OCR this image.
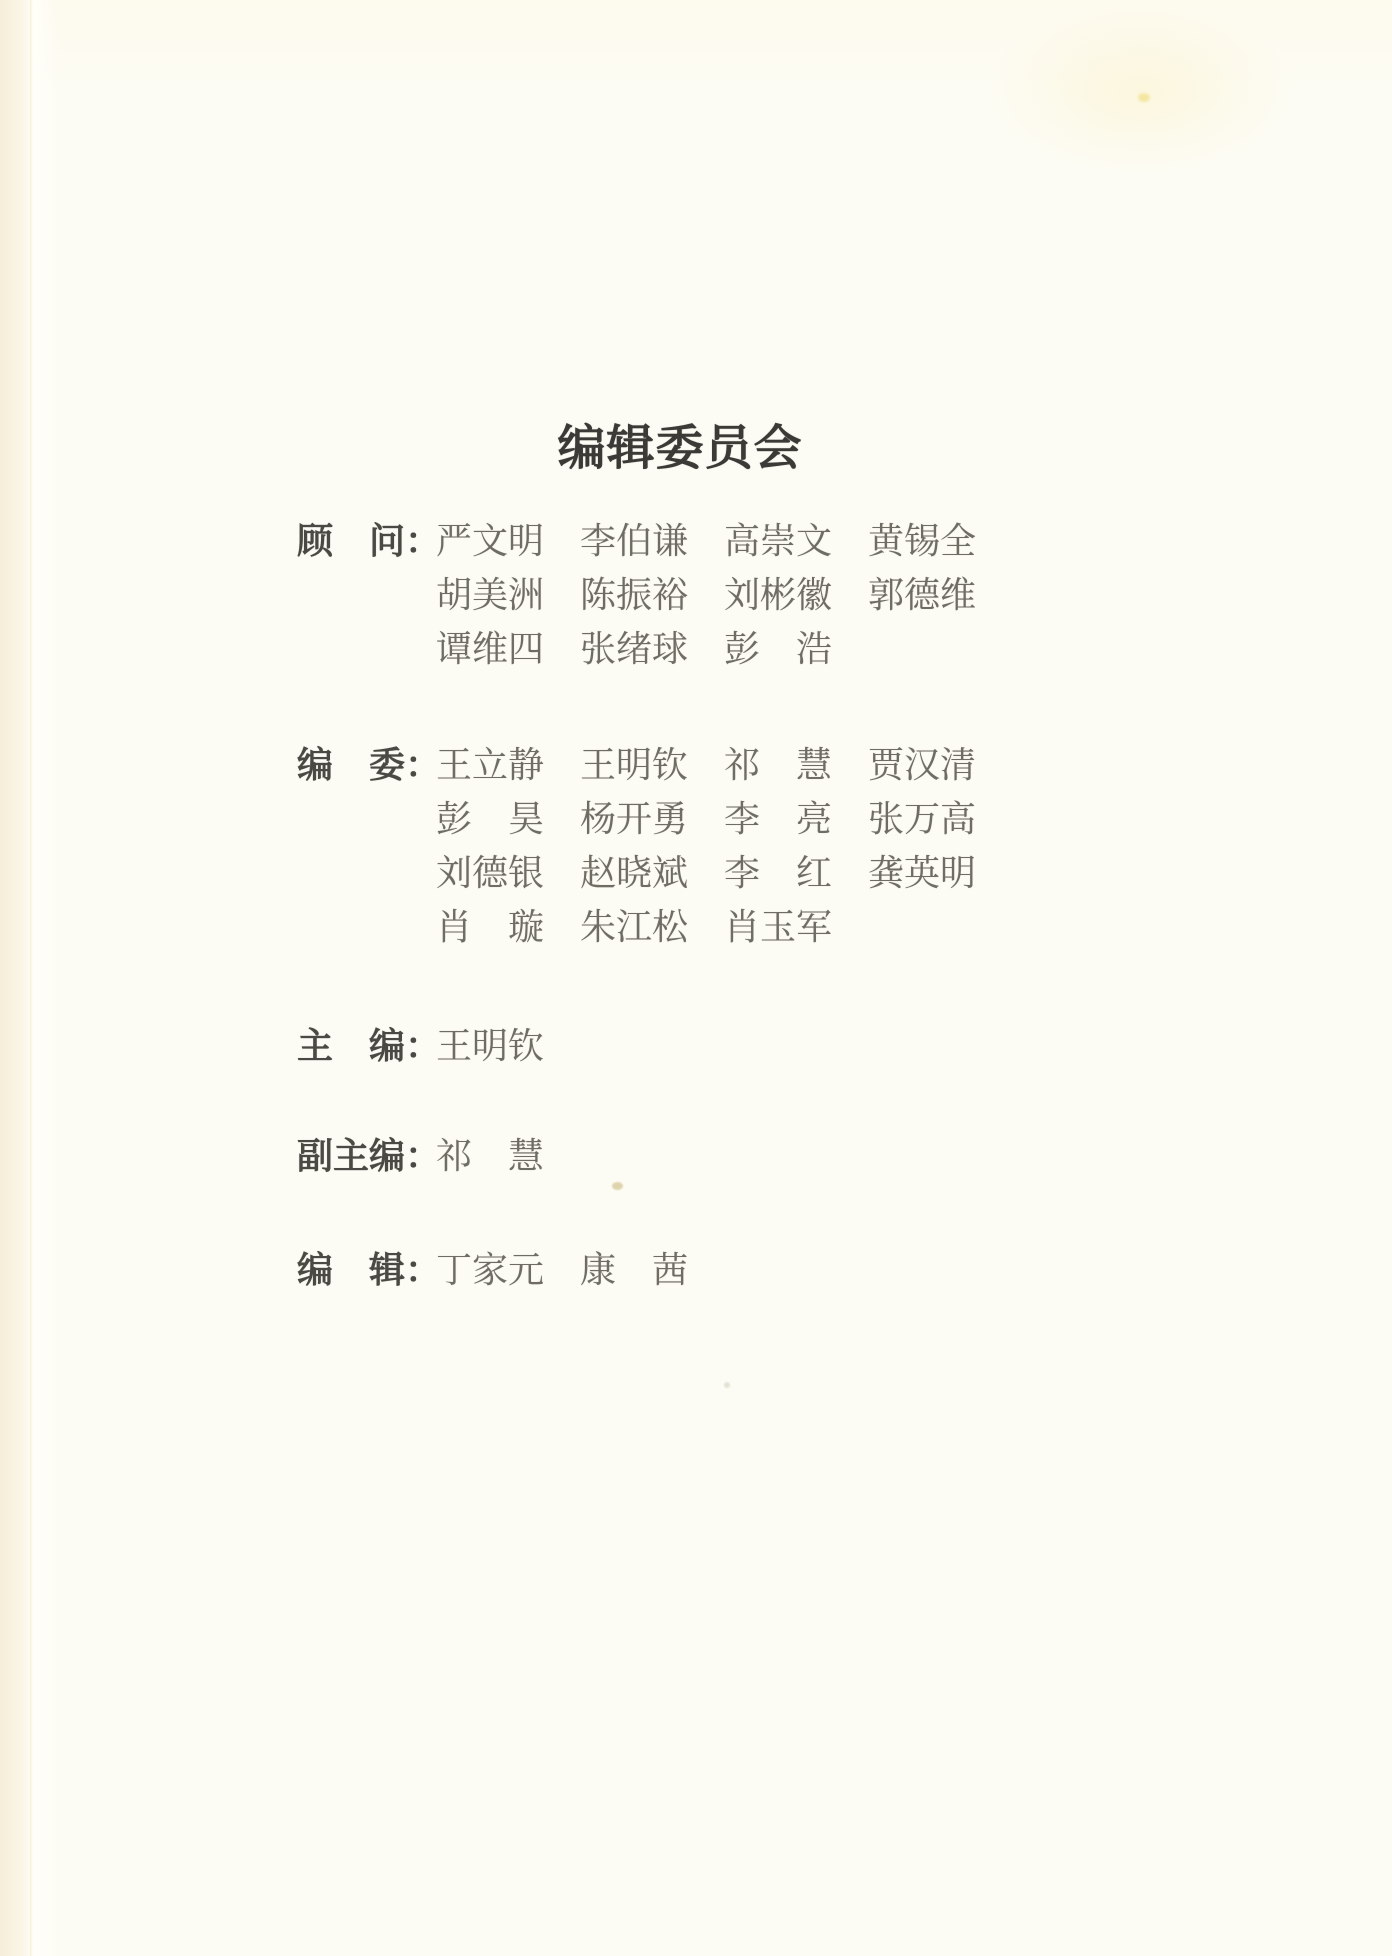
编辑委员会
顾　问：
严文明　李伯谦　高崇文　黄锡全
胡美洲　陈振裕　刘彬徽　郭德维
谭维四　张绪球　彭　浩
编　委：
王立静　王明钦　祁　慧　贾汉清
彭　昊　杨开勇　李　亮　张万高
刘德银　赵晓斌　李　红　龚英明
肖　璇　朱江松　肖玉军
主　编：
王明钦
副主编：
祁　慧
编　辑：
丁家元　康　茜
